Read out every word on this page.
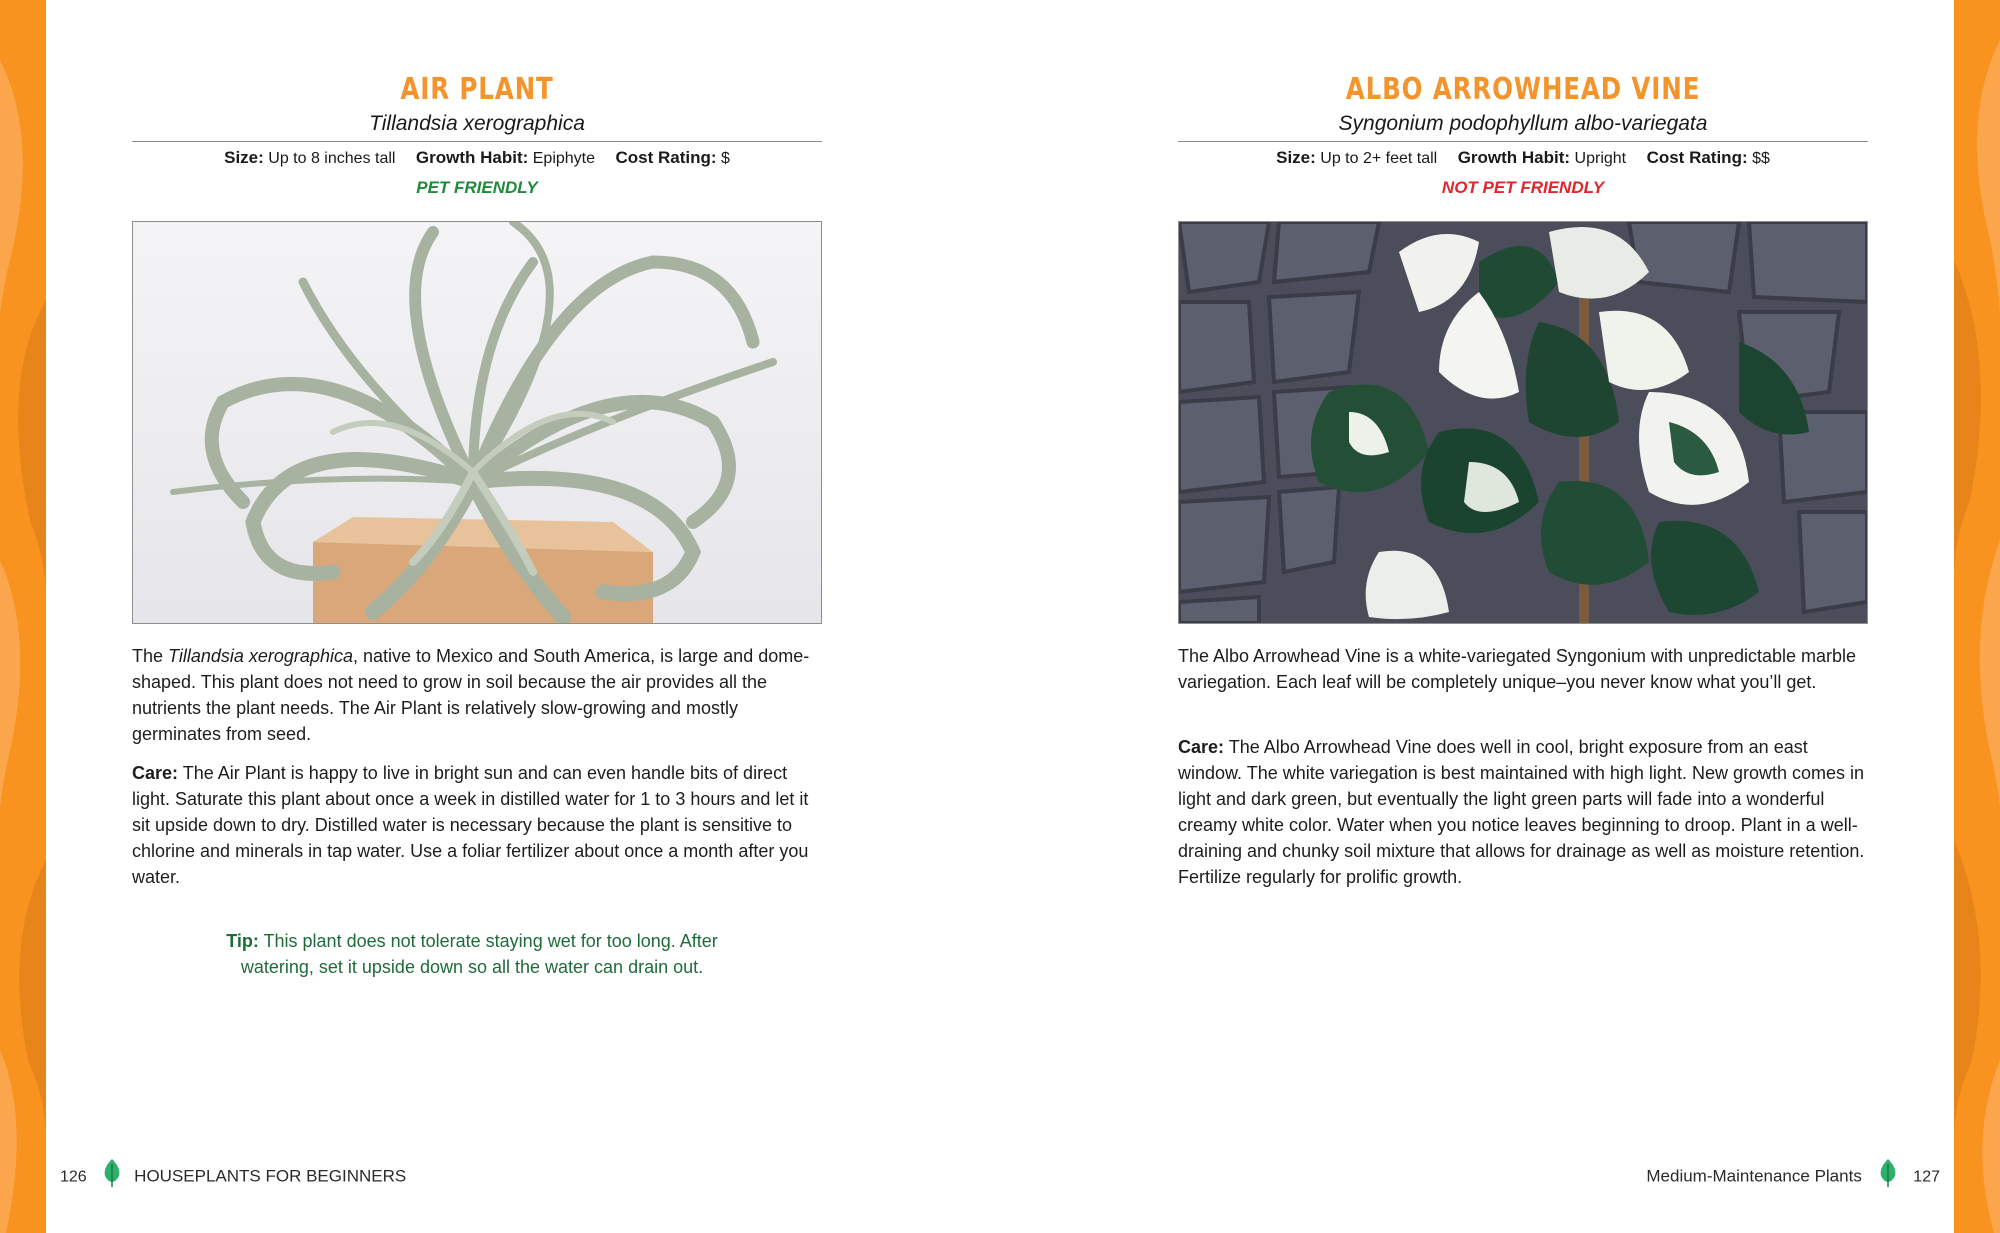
AIR PLANT
Tillandsia xerographica
Size: Up to 8 inches tall Growth Habit: Epiphyte Cost Rating: $
PET FRIENDLY

The Tillandsia xerographica, native to Mexico and South America, is large and dome-shaped. This plant does not need to grow in soil because the air provides all the nutrients the plant needs. The Air Plant is relatively slow-growing and mostly germinates from seed.

Care: The Air Plant is happy to live in bright sun and can even handle bits of direct light. Saturate this plant about once a week in distilled water for 1 to 3 hours and let it sit upside down to dry. Distilled water is necessary because the plant is sensitive to chlorine and minerals in tap water. Use a foliar fertilizer about once a month after you water.

Tip: This plant does not tolerate staying wet for too long. After watering, set it upside down so all the water can drain out.
ALBO ARROWHEAD VINE
Syngonium podophyllum albo-variegata
Size: Up to 2+ feet tall Growth Habit: Upright Cost Rating: $$
NOT PET FRIENDLY

The Albo Arrowhead Vine is a white-variegated Syngonium with unpredictable marble variegation. Each leaf will be completely unique–you never know what you’ll get.

Care: The Albo Arrowhead Vine does well in cool, bright exposure from an east window. The white variegation is best maintained with high light. New growth comes in light and dark green, but eventually the light green parts will fade into a wonderful creamy white color. Water when you notice leaves beginning to droop. Plant in a well-draining and chunky soil mixture that allows for drainage as well as moisture retention. Fertilize regularly for prolific growth.

126	HOUSEPLANTS FOR BEGINNERS	Medium-Maintenance Plants	127
